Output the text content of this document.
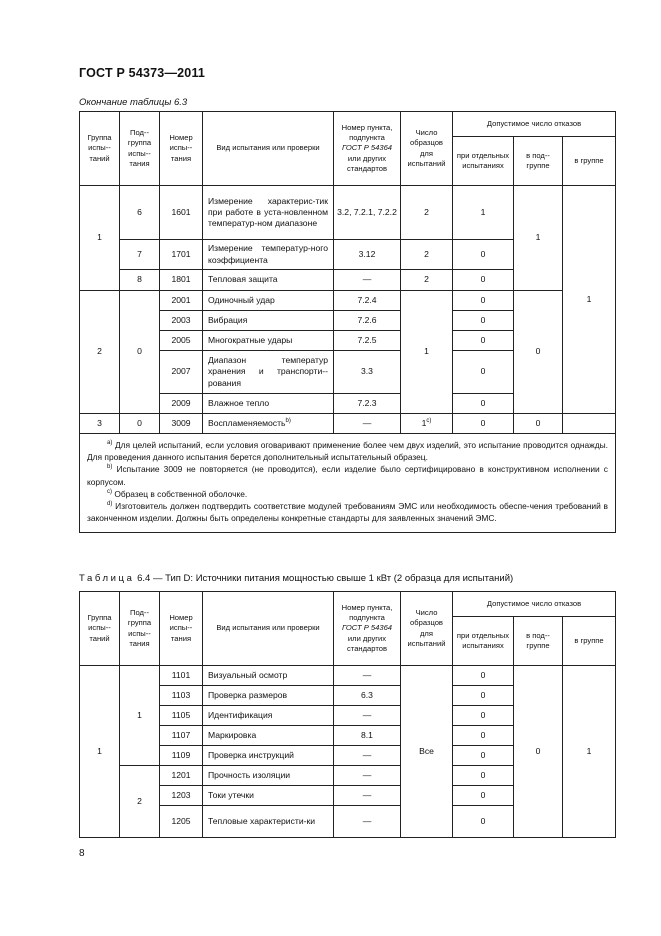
ГОСТ Р 54373—2011
Окончание таблицы 6.3
Группа испы-таний	Под-группа испы-тания	Номер испы-тания	Вид испытания или проверки	Номер пункта, подпункта
ГОСТ Р 54364
или других стандартов	Число образцов для испытаний	Допустимое число отказов		
						при отдельных испытаниях	в под-группе	в группе
1	6	1601	Измерение характерис-тик при работе в уста-новленном температур-ном диапазоне	3.2, 7.2.1, 7.2.2	2	1	1	1
	7	1701	Измерение температур-ного коэффициента	3.12	2	0		
	8	1801	Тепловая защита	—	2	0		
2	0	2001	Одиночный удар	7.2.4	1	0	0	
		2003	Вибрация	7.2.6		0		
		2005	Многократные удары	7.2.5		0		
		2007	Диапазон температур хранения и транспорти-рования	3.3		0		
		2009	Влажное тепло	7.2.3		0		
3	0	3009	Воспламеняемость$^{b)}$	—	1$^{c)}$	0	0	

$^{a)}$ Для целей испытаний, если условия оговаривают применение более чем двух изделий, это испытание проводится однажды. Для проведения данного испытания берется дополнительный испытательный образец.

$^{b)}$ Испытание 3009 не повторяется (не проводится), если изделие было сертифицировано в конструктивном исполнении с корпусом.

$^{c)}$ Образец в собственной оболочке.

$^{d)}$ Изготовитель должен подтвердить соответствие модулей требованиям ЭМС или необходимость обеспе-чения требований в законченном изделии. Должны быть определены конкретные стандарты для заявленных значений ЭМС.								

Таблица 6.4 — Тип D: Источники питания мощностью свыше 1 кВт (2 образца для испытаний)
Группа испы-таний	Под-группа испы-тания	Номер испы-тания	Вид испытания или проверки	Номер пункта, подпункта
ГОСТ Р 54364
или других стандартов	Число образцов для испытаний	Допустимое число отказов		
						при отдельных испытаниях	в под-группе	в группе
1	1	1101	Визуальный осмотр	—	Все	0	0	1
		1103	Проверка размеров	6.3		0		
		1105	Идентификация	—		0		
		1107	Маркировка	8.1		0		
		1109	Проверка инструкций	—		0		
	2	1201	Прочность изоляции	—		0		
		1203	Токи утечки	—		0		
		1205	Тепловые характеристи-ки	—		0		
8
